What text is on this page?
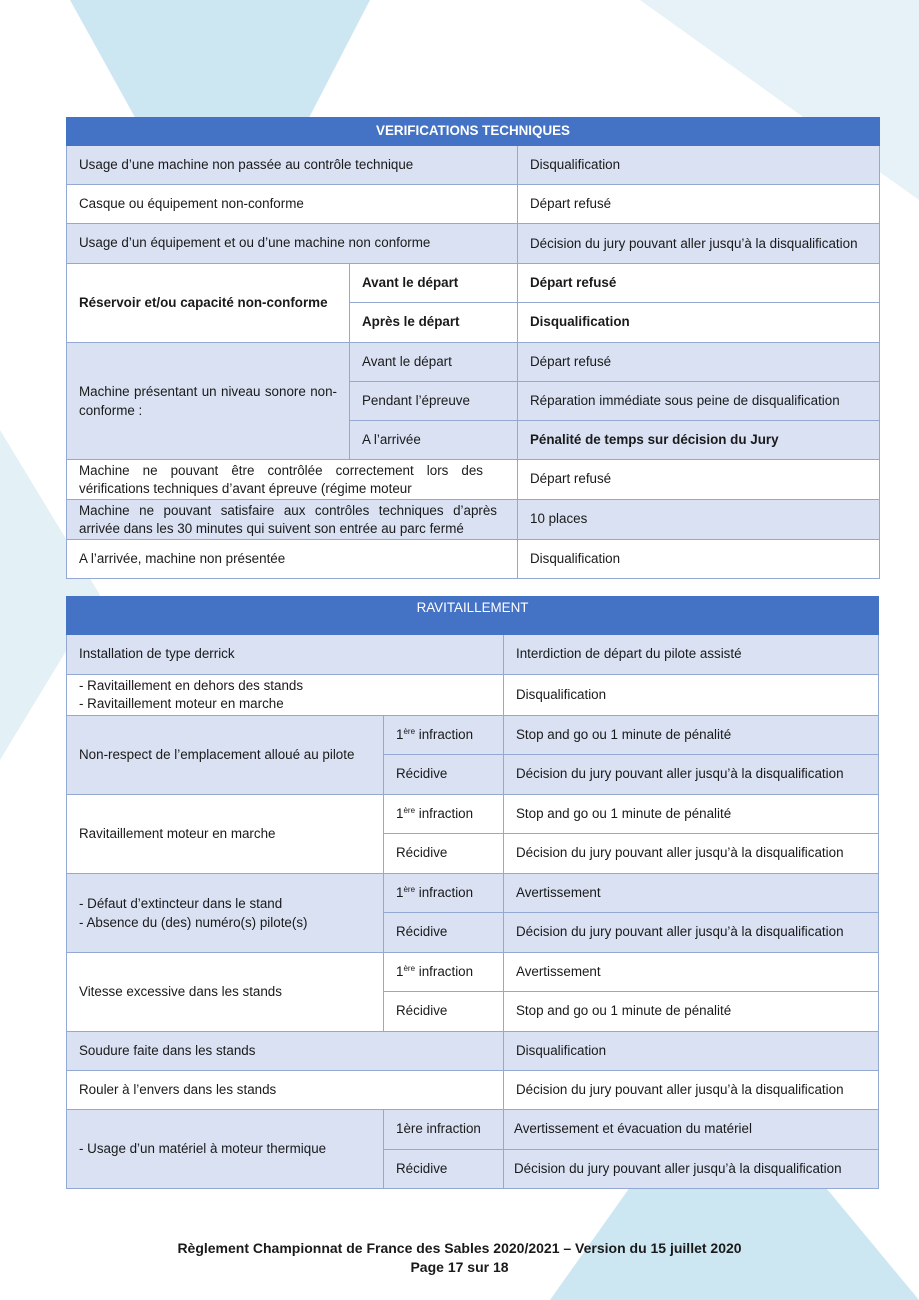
VERIFICATIONS TECHNIQUES		
Usage d’une machine non passée au contrôle technique		Disqualification
Casque ou équipement non-conforme		Départ refusé
Usage d’un équipement et ou d’une machine non conforme		Décision du jury pouvant aller jusqu’à la disqualification
Réservoir et/ou capacité non-conforme	Avant le départ	Départ refusé
	Après le départ	Disqualification
Machine présentant un niveau sonore non-conforme :	Avant le départ	Départ refusé
	Pendant l’épreuve	Réparation immédiate sous peine de disqualification
	A l’arrivée	Pénalité de temps sur décision du Jury

Machine ne pouvant être contrôlée correctement lors des vérifications techniques d’avant épreuve (régime moteur		Départ refusé
Machine ne pouvant satisfaire aux contrôles techniques d’après arrivée dans les 30 minutes qui suivent son entrée au parc fermé		10 places
A l’arrivée, machine non présentée		Disqualification
RAVITAILLEMENT		
Installation de type derrick		Interdiction de départ du pilote assisté

- Ravitaillement en dehors des stands
- Ravitaillement moteur en marche		Disqualification
Non-respect de l’emplacement alloué au pilote	1ère infraction	Stop and go ou 1 minute de pénalité
	Récidive	Décision du jury pouvant aller jusqu’à la disqualification
Ravitaillement moteur en marche	1ère infraction	Stop and go ou 1 minute de pénalité
	Récidive	Décision du jury pouvant aller jusqu’à la disqualification

- Défaut d’extincteur dans le stand
- Absence du (des) numéro(s) pilote(s)	1ère infraction	Avertissement
	Récidive	Décision du jury pouvant aller jusqu’à la disqualification
Vitesse excessive dans les stands	1ère infraction	Avertissement
	Récidive	Stop and go ou 1 minute de pénalité
Soudure faite dans les stands		Disqualification
Rouler à l’envers dans les stands		Décision du jury pouvant aller jusqu’à la disqualification
- Usage d’un matériel à moteur thermique	1ère infraction	Avertissement et évacuation du matériel
	Récidive	Décision du jury pouvant aller jusqu’à la disqualification
Règlement Championnat de France des Sables 2020/2021 – Version du 15 juillet 2020
Page 17 sur 18
